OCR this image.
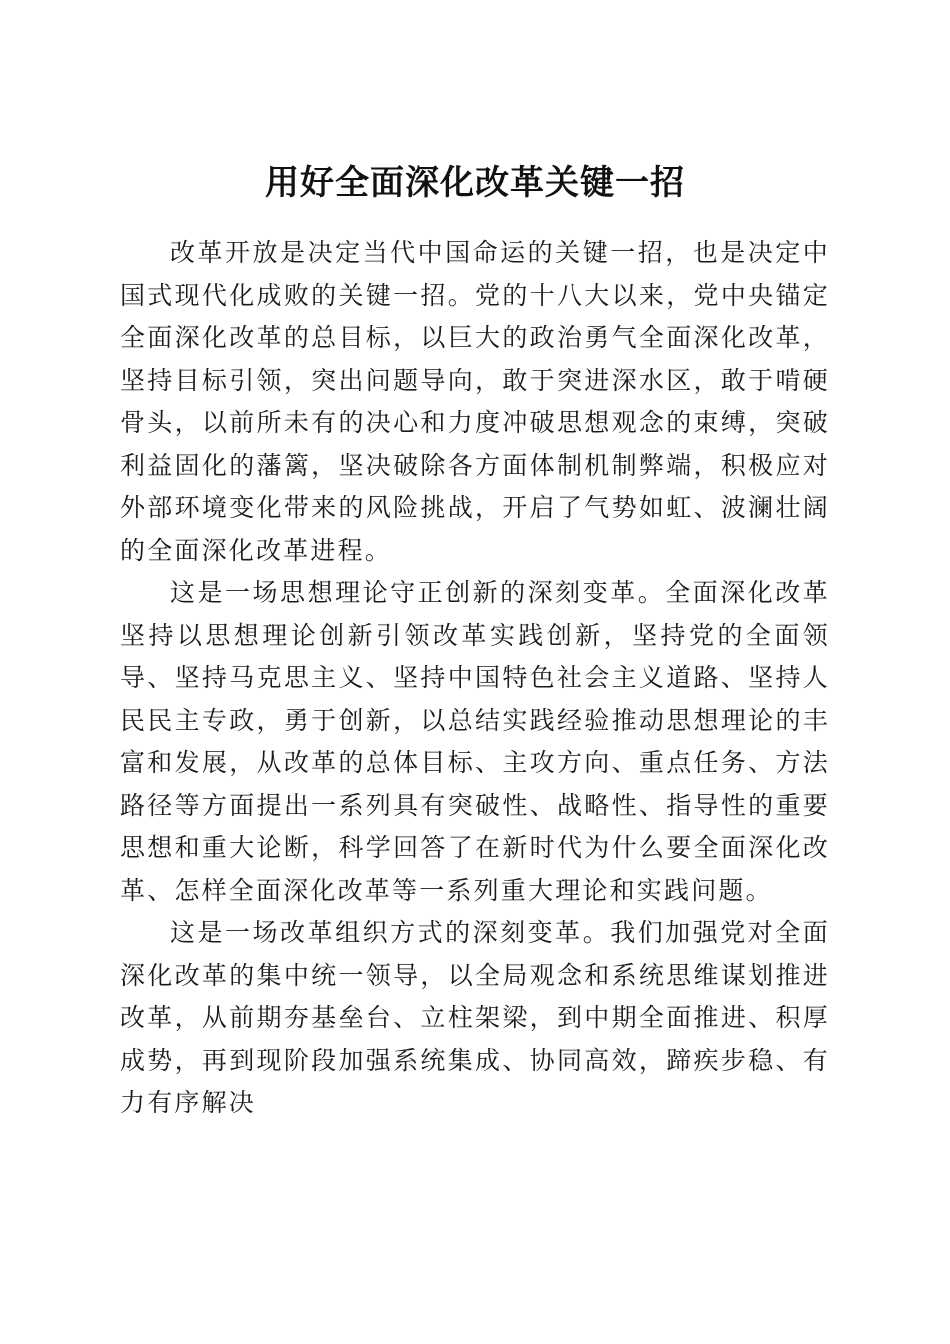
用好全面深化改革关键一招

改革开放是决定当代中国命运的关键一招，也是决定中国式现代化成败的关键一招。党的十八大以来，党中央锚定全面深化改革的总目标，以巨大的政治勇气全面深化改革，坚持目标引领，突出问题导向，敢于突进深水区，敢于啃硬骨头，以前所未有的决心和力度冲破思想观念的束缚，突破利益固化的藩篱，坚决破除各方面体制机制弊端，积极应对外部环境变化带来的风险挑战，开启了气势如虹、波澜壮阔的全面深化改革进程。

这是一场思想理论守正创新的深刻变革。全面深化改革坚持以思想理论创新引领改革实践创新，坚持党的全面领导、坚持马克思主义、坚持中国特色社会主义道路、坚持人民民主专政，勇于创新，以总结实践经验推动思想理论的丰富和发展，从改革的总体目标、主攻方向、重点任务、方法路径等方面提出一系列具有突破性、战略性、指导性的重要思想和重大论断，科学回答了在新时代为什么要全面深化改革、怎样全面深化改革等一系列重大理论和实践问题。

这是一场改革组织方式的深刻变革。我们加强党对全面深化改革的集中统一领导，以全局观念和系统思维谋划推进改革，从前期夯基垒台、立柱架梁，到中期全面推进、积厚成势，再到现阶段加强系统集成、协同高效，蹄疾步稳、有力有序解决
